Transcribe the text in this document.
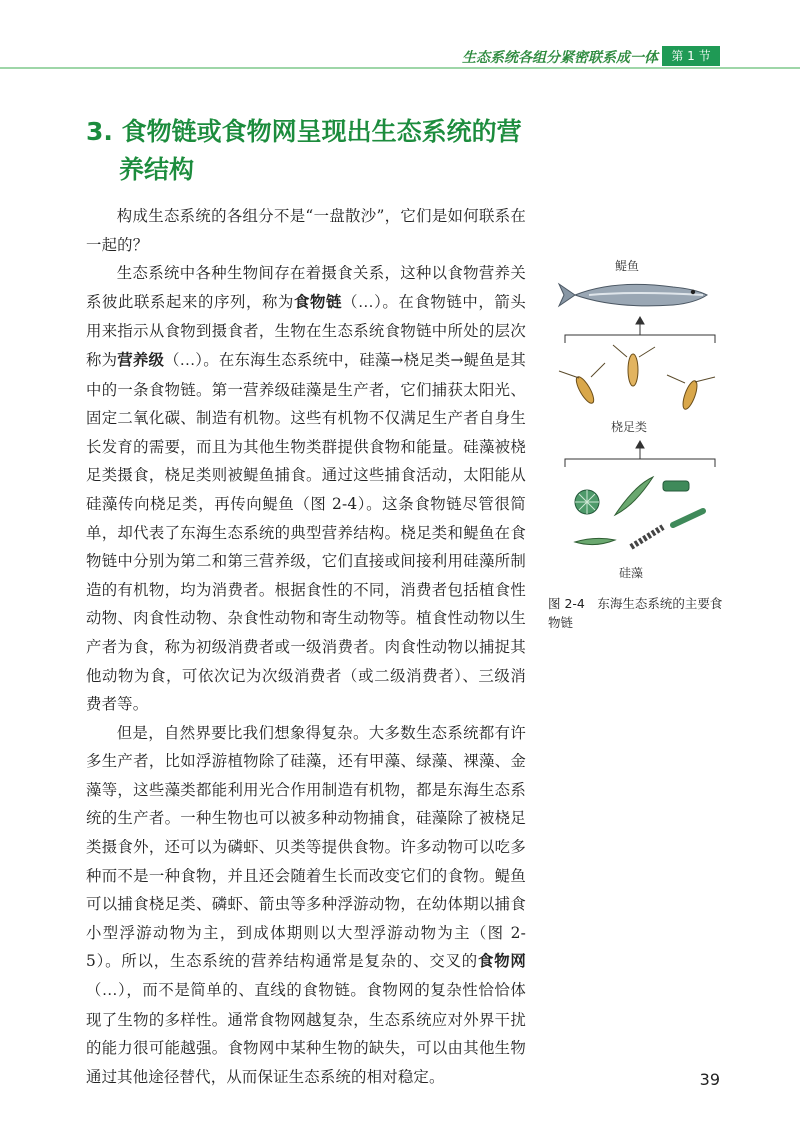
生态系统各组分紧密联系成一体	第 1 节
3. 食物链或食物网呈现出生态系统的营
养结构

构成生态系统的各组分不是“一盘散沙”，它们是如何联系在一起的？

生态系统中各种生物间存在着摄食关系，这种以食物营养关系彼此联系起来的序列，称为食物链（…）。在食物链中，箭头用来指示从食物到摄食者，生物在生态系统食物链中所处的层次称为营养级（…）。在东海生态系统中，硅藻→桡足类→鳀鱼是其中的一条食物链。第一营养级硅藻是生产者，它们捕获太阳光、固定二氧化碳、制造有机物。这些有机物不仅满足生产者自身生长发育的需要，而且为其他生物类群提供食物和能量。硅藻被桡足类摄食，桡足类则被鳀鱼捕食。通过这些捕食活动，太阳能从硅藻传向桡足类，再传向鳀鱼（图 2-4）。这条食物链尽管很简单，却代表了东海生态系统的典型营养结构。桡足类和鳀鱼在食物链中分别为第二和第三营养级，它们直接或间接利用硅藻所制造的有机物，均为消费者。根据食性的不同，消费者包括植食性动物、肉食性动物、杂食性动物和寄生动物等。植食性动物以生产者为食，称为初级消费者或一级消费者。肉食性动物以捕捉其他动物为食，可依次记为次级消费者（或二级消费者）、三级消费者等。

但是，自然界要比我们想象得复杂。大多数生态系统都有许多生产者，比如浮游植物除了硅藻，还有甲藻、绿藻、裸藻、金藻等，这些藻类都能利用光合作用制造有机物，都是东海生态系统的生产者。一种生物也可以被多种动物捕食，硅藻除了被桡足类摄食外，还可以为磷虾、贝类等提供食物。许多动物可以吃多种而不是一种食物，并且还会随着生长而改变它们的食物。鳀鱼可以捕食桡足类、磷虾、箭虫等多种浮游动物，在幼体期以捕食小型浮游动物为主，到成体期则以大型浮游动物为主（图 2-5）。所以，生态系统的营养结构通常是复杂的、交叉的食物网（…），而不是简单的、直线的食物链。食物网的复杂性恰恰体现了生物的多样性。通常食物网越复杂，生态系统应对外界干扰的能力很可能越强。食物网中某种生物的缺失，可以由其他生物通过其他途径替代，从而保证生态系统的相对稳定。

鳀鱼
桡足类
硅藻

图 2-4　东海生态系统的主要食物链

39
